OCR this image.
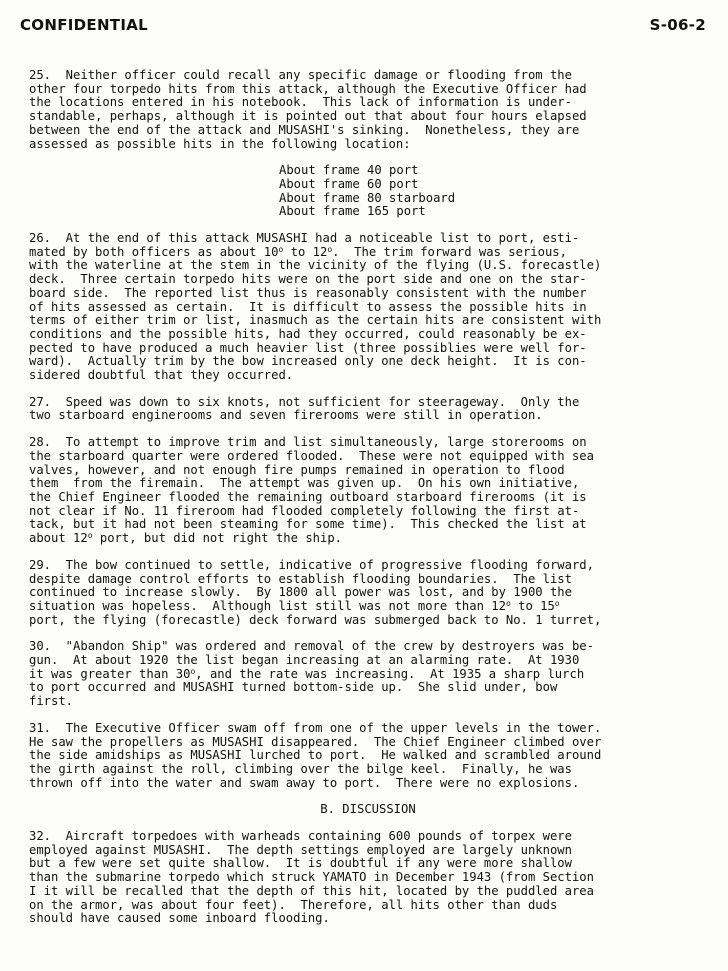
CONFIDENTIAL	S-06-2
25.  Neither officer could recall any specific damage or flooding from the
other four torpedo hits from this attack, although the Executive Officer had
the locations entered in his notebook.  This lack of information is under-
standable, perhaps, although it is pointed out that about four hours elapsed
between the end of the attack and MUSASHI's sinking.  Nonetheless, they are
assessed as possible hits in the following location:
About frame 40 port
About frame 60 port
About frame 80 starboard
About frame 165 port
26.  At the end of this attack MUSASHI had a noticeable list to port, esti-
mated by both officers as about 10$^o$ to 12$^o$.  The trim forward was serious,
with the waterline at the stem in the vicinity of the flying (U.S. forecastle)
deck.  Three certain torpedo hits were on the port side and one on the star-
board side.  The reported list thus is reasonably consistent with the number
of hits assessed as certain.  It is difficult to assess the possible hits in
terms of either trim or list, inasmuch as the certain hits are consistent with
conditions and the possible hits, had they occurred, could reasonably be ex-
pected to have produced a much heavier list (three possiblies were well for-
ward).  Actually trim by the bow increased only one deck height.  It is con-
sidered doubtful that they occurred.
27.  Speed was down to six knots, not sufficient for steerageway.  Only the
two starboard enginerooms and seven firerooms were still in operation.
28.  To attempt to improve trim and list simultaneously, large storerooms on
the starboard quarter were ordered flooded.  These were not equipped with sea
valves, however, and not enough fire pumps remained in operation to flood
them  from the firemain.  The attempt was given up.  On his own initiative,
the Chief Engineer flooded the remaining outboard starboard firerooms (it is
not clear if No. 11 fireroom had flooded completely following the first at-
tack, but it had not been steaming for some time).  This checked the list at
about 12$^o$ port, but did not right the ship.
29.  The bow continued to settle, indicative of progressive flooding forward,
despite damage control efforts to establish flooding boundaries.  The list
continued to increase slowly.  By 1800 all power was lost, and by 1900 the
situation was hopeless.  Although list still was not more than 12$^o$ to 15$^o$
port, the flying (forecastle) deck forward was submerged back to No. 1 turret,
30.  "Abandon Ship" was ordered and removal of the crew by destroyers was be-
gun.  At about 1920 the list began increasing at an alarming rate.  At 1930
it was greater than 30$^o$, and the rate was increasing.  At 1935 a sharp lurch
to port occurred and MUSASHI turned bottom-side up.  She slid under, bow
first.
31.  The Executive Officer swam off from one of the upper levels in the tower.
He saw the propellers as MUSASHI disappeared.  The Chief Engineer climbed over
the side amidships as MUSASHI lurched to port.  He walked and scrambled around
the girth against the roll, climbing over the bilge keel.  Finally, he was
thrown off into the water and swam away to port.  There were no explosions.
B. DISCUSSION
32.  Aircraft torpedoes with warheads containing 600 pounds of torpex were
employed against MUSASHI.  The depth settings employed are largely unknown
but a few were set quite shallow.  It is doubtful if any were more shallow
than the submarine torpedo which struck YAMATO in December 1943 (from Section
I it will be recalled that the depth of this hit, located by the puddled area
on the armor, was about four feet).  Therefore, all hits other than duds
should have caused some inboard flooding.
